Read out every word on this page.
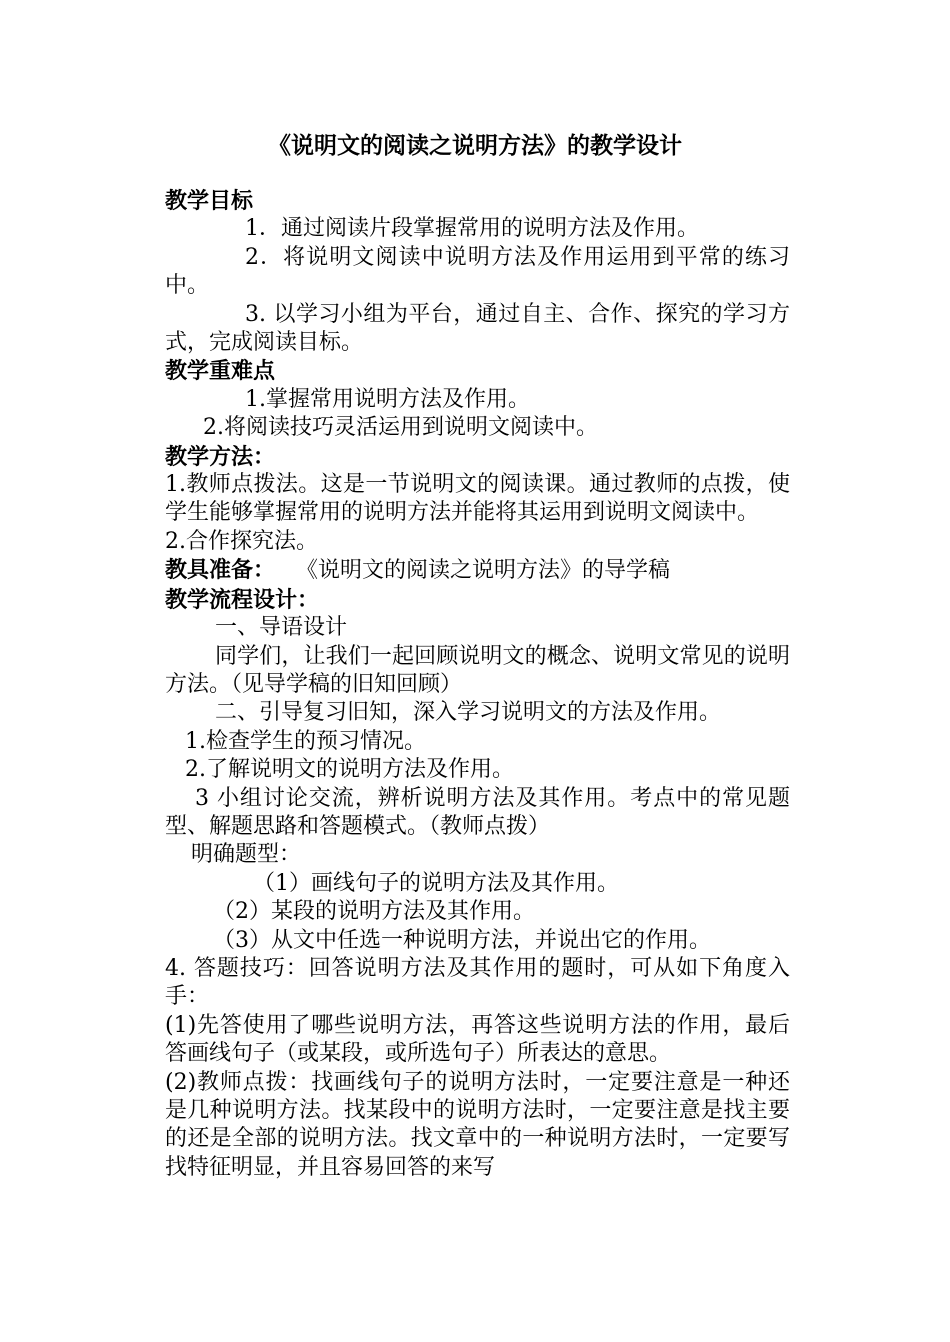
《说明文的阅读之说明方法》的教学设计

教学目标

1．通过阅读片段掌握常用的说明方法及作用。

2．将说明文阅读中说明方法及作用运用到平常的练习中。

3. 以学习小组为平台，通过自主、合作、探究的学习方式，完成阅读目标。

教学重难点

1.掌握常用说明方法及作用。

2.将阅读技巧灵活运用到说明文阅读中。

教学方法：

1.教师点拨法。这是一节说明文的阅读课。通过教师的点拨，使学生能够掌握常用的说明方法并能将其运用到说明文阅读中。

2.合作探究法。

教具准备： 《说明文的阅读之说明方法》的导学稿

教学流程设计：

一、导语设计

同学们，让我们一起回顾说明文的概念、说明文常见的说明方法。（见导学稿的旧知回顾）

二、引导复习旧知，深入学习说明文的方法及作用。

1.检查学生的预习情况。

2.了解说明文的说明方法及作用。

3 小组讨论交流，辨析说明方法及其作用。考点中的常见题型、解题思路和答题模式。（教师点拨）

明确题型：

（1）画线句子的说明方法及其作用。

（2）某段的说明方法及其作用。

（3）从文中任选一种说明方法，并说出它的作用。

4. 答题技巧：回答说明方法及其作用的题时，可从如下角度入手：

(1)先答使用了哪些说明方法，再答这些说明方法的作用，最后答画线句子（或某段，或所选句子）所表达的意思。

(2)教师点拨：找画线句子的说明方法时，一定要注意是一种还是几种说明方法。找某段中的说明方法时，一定要注意是找主要的还是全部的说明方法。找文章中的一种说明方法时，一定要写找特征明显，并且容易回答的来写
